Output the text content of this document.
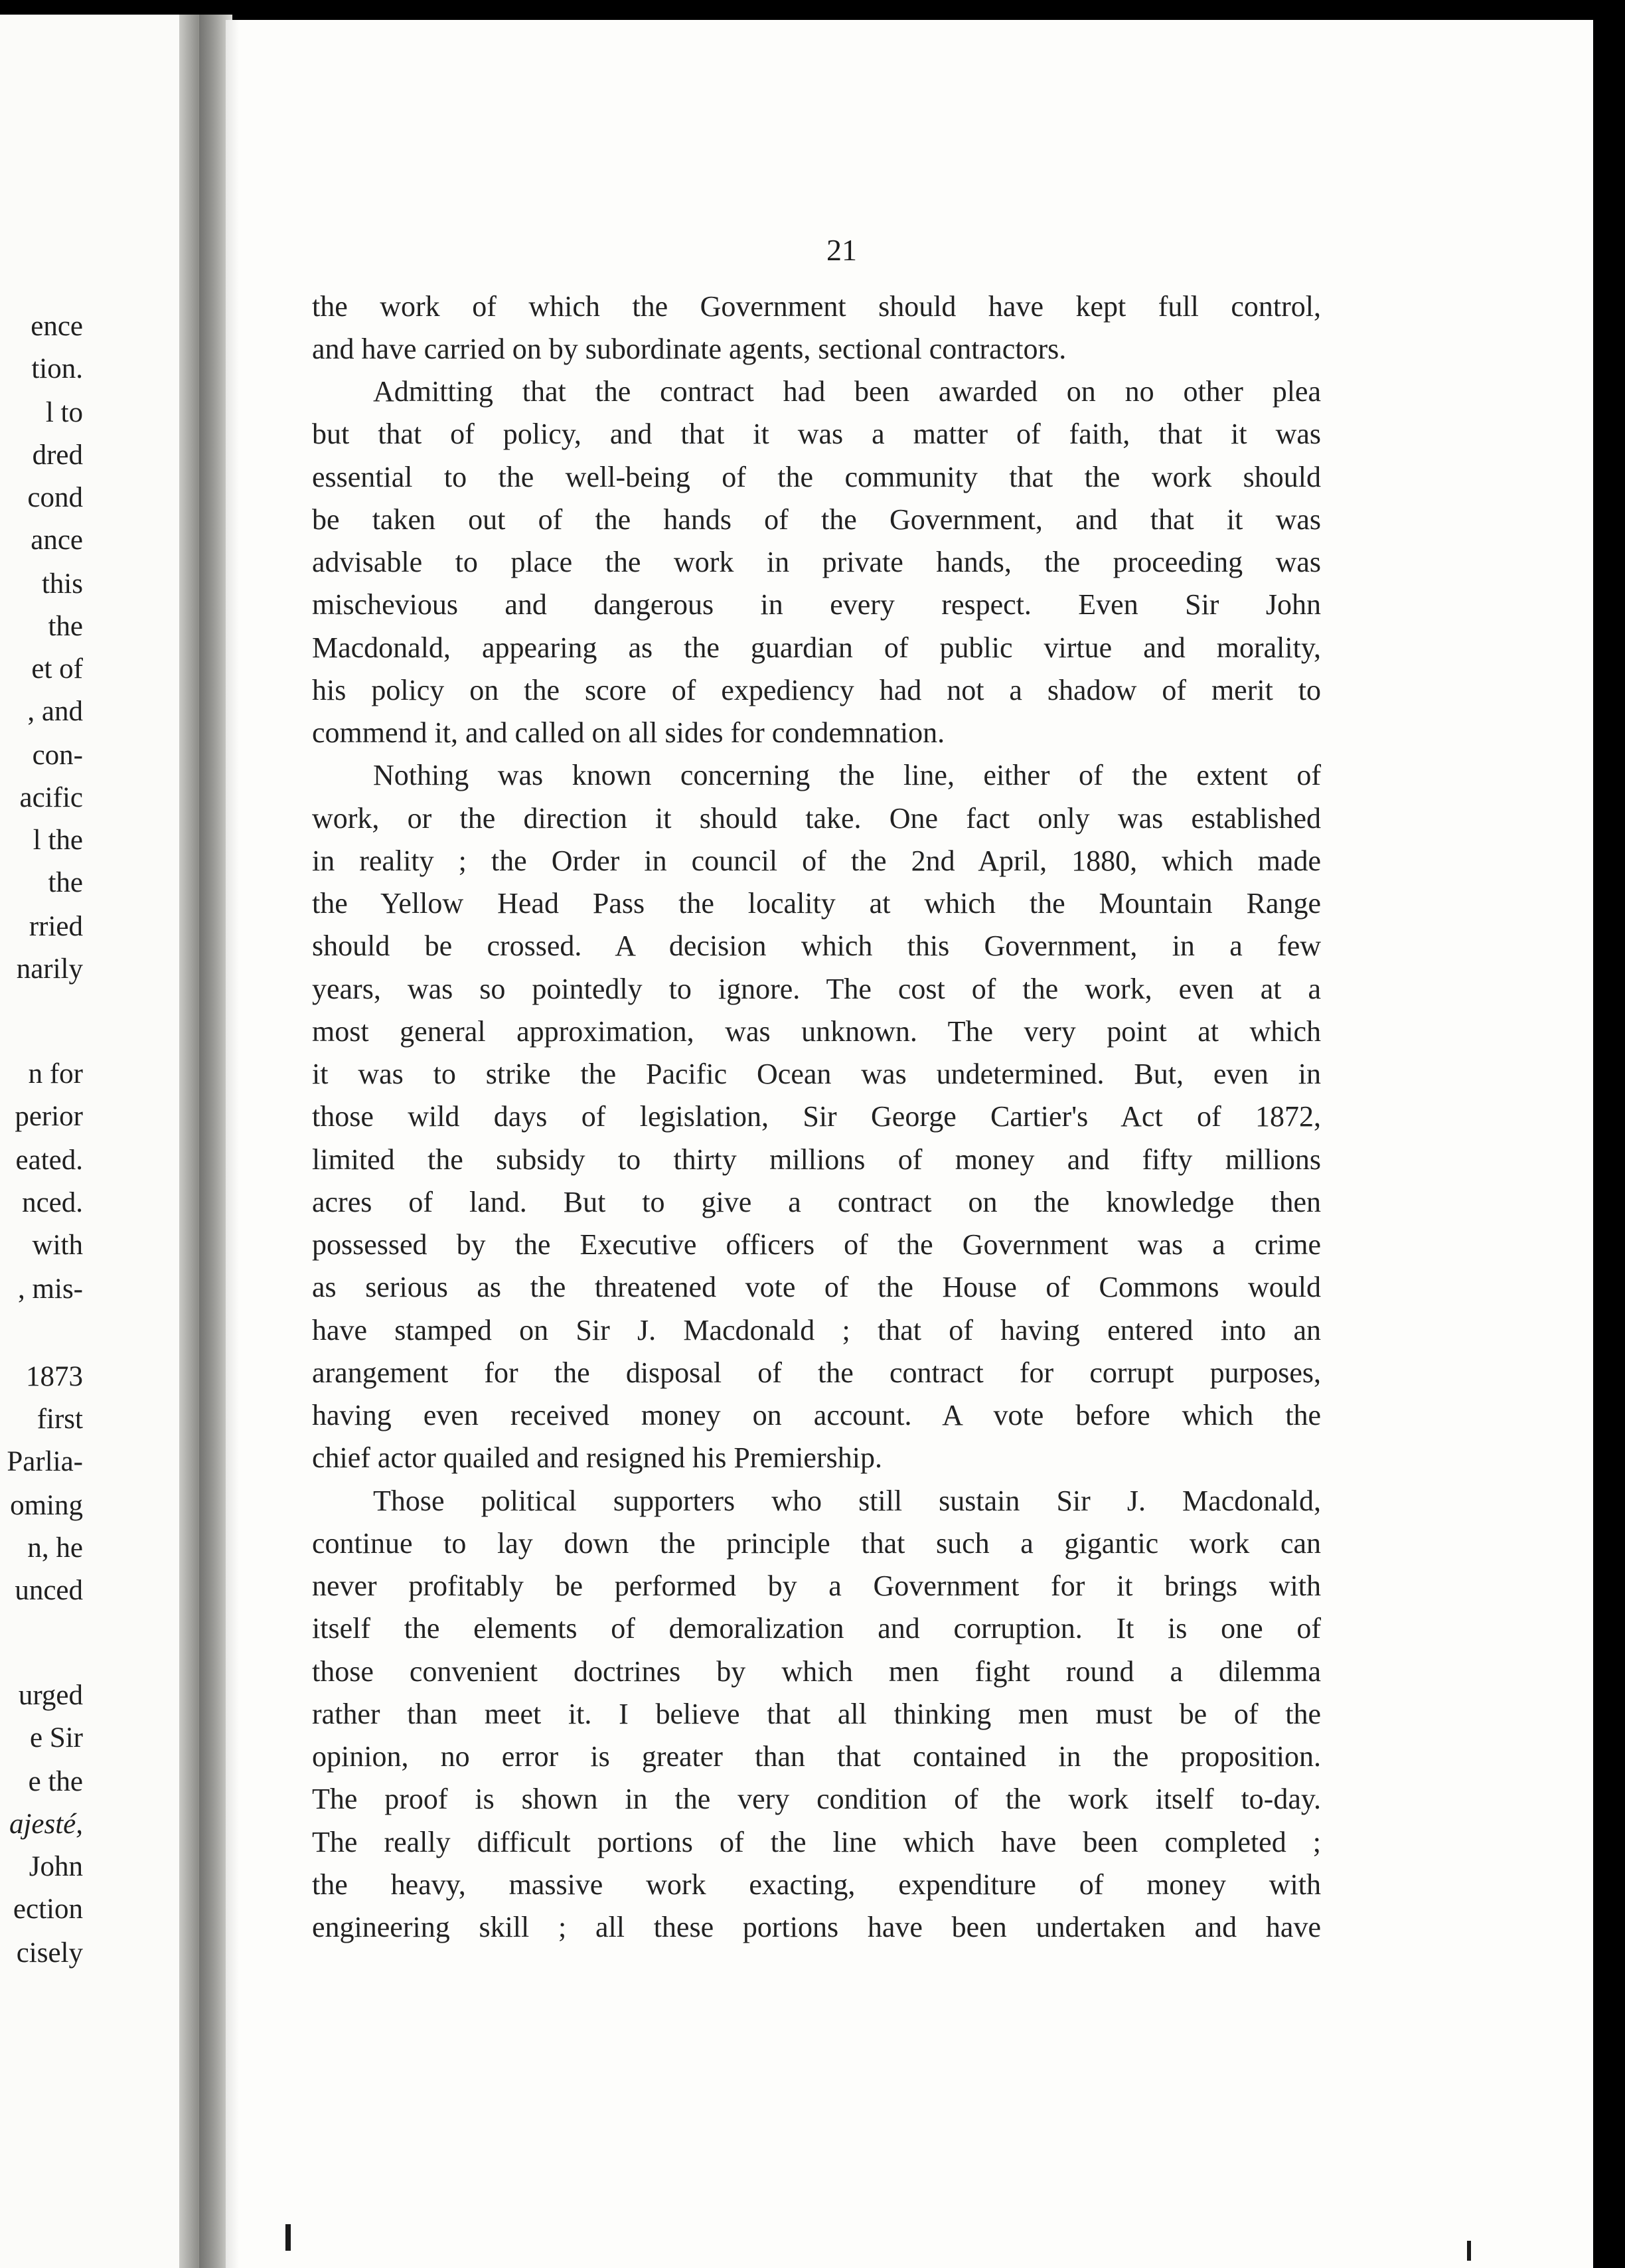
ence
tion.
l to
dred
cond
ance
this
the
et of
, and
con-
acific
l the
the
rried
narily
n for
perior
eated.
nced.
with
, mis-
1873
first
Parlia-
oming
n, he
unced
urged
e Sir
e the
ajesté,
John
ection
cisely
21
the work of which the Government should have kept full control,
and have carried on by subordinate agents, sectional contractors.
Admitting that the contract had been awarded on no other plea
but that of policy, and that it was a matter of faith, that it was
essential to the well-being of the community that the work should
be taken out of the hands of the Government, and that it was
advisable to place the work in private hands, the proceeding was
mischevious and dangerous in every respect. Even Sir John
Macdonald, appearing as the guardian of public virtue and morality,
his policy on the score of expediency had not a shadow of merit to
commend it, and called on all sides for condemnation.
Nothing was known concerning the line, either of the extent of
work, or the direction it should take. One fact only was established
in reality ; the Order in council of the 2nd April, 1880, which made
the Yellow Head Pass the locality at which the Mountain Range
should be crossed. A decision which this Government, in a few
years, was so pointedly to ignore. The cost of the work, even at a
most general approximation, was unknown. The very point at which
it was to strike the Pacific Ocean was undetermined. But, even in
those wild days of legislation, Sir George Cartier's Act of 1872,
limited the subsidy to thirty millions of money and fifty millions
acres of land. But to give a contract on the knowledge then
possessed by the Executive officers of the Government was a crime
as serious as the threatened vote of the House of Commons would
have stamped on Sir J. Macdonald ; that of having entered into an
arangement for the disposal of the contract for corrupt purposes,
having even received money on account. A vote before which the
chief actor quailed and resigned his Premiership.
Those political supporters who still sustain Sir J. Macdonald,
continue to lay down the principle that such a gigantic work can
never profitably be performed by a Government for it brings with
itself the elements of demoralization and corruption. It is one of
those convenient doctrines by which men fight round a dilemma
rather than meet it. I believe that all thinking men must be of the
opinion, no error is greater than that contained in the proposition.
The proof is shown in the very condition of the work itself to-day.
The really difficult portions of the line which have been completed ;
the heavy, massive work exacting, expenditure of money with
engineering skill ; all these portions have been undertaken and have
